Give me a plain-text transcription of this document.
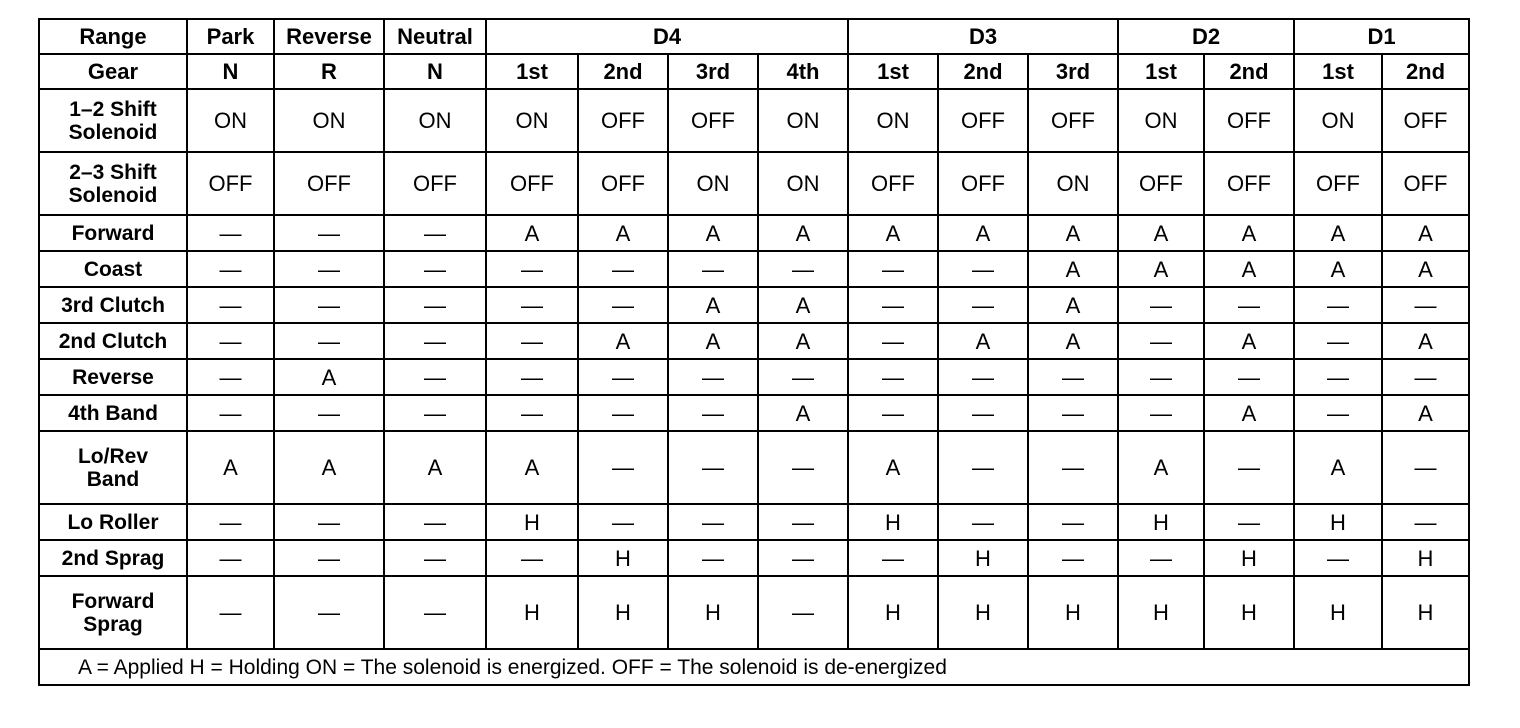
Range	Park	Reverse	Neutral	D4				D3			D2		D1	
Gear	N	R	N	1st	2nd	3rd	4th	1st	2nd	3rd	1st	2nd	1st	2nd
1–2 Shift
Solenoid	ON	ON	ON	ON	OFF	OFF	ON	ON	OFF	OFF	ON	OFF	ON	OFF
2–3 Shift
Solenoid	OFF	OFF	OFF	OFF	OFF	ON	ON	OFF	OFF	ON	OFF	OFF	OFF	OFF
Forward	—	—	—	A	A	A	A	A	A	A	A	A	A	A
Coast	—	—	—	—	—	—	—	—	—	A	A	A	A	A
3rd Clutch	—	—	—	—	—	A	A	—	—	A	—	—	—	—
2nd Clutch	—	—	—	—	A	A	A	—	A	A	—	A	—	A
Reverse	—	A	—	—	—	—	—	—	—	—	—	—	—	—
4th Band	—	—	—	—	—	—	A	—	—	—	—	A	—	A
Lo/Rev
Band	A	A	A	A	—	—	—	A	—	—	A	—	A	—
Lo Roller	—	—	—	H	—	—	—	H	—	—	H	—	H	—
2nd Sprag	—	—	—	—	H	—	—	—	H	—	—	H	—	H
Forward
Sprag	—	—	—	H	H	H	—	H	H	H	H	H	H	H
A = Applied H = Holding ON = The solenoid is energized. OFF = The solenoid is de-energized														
